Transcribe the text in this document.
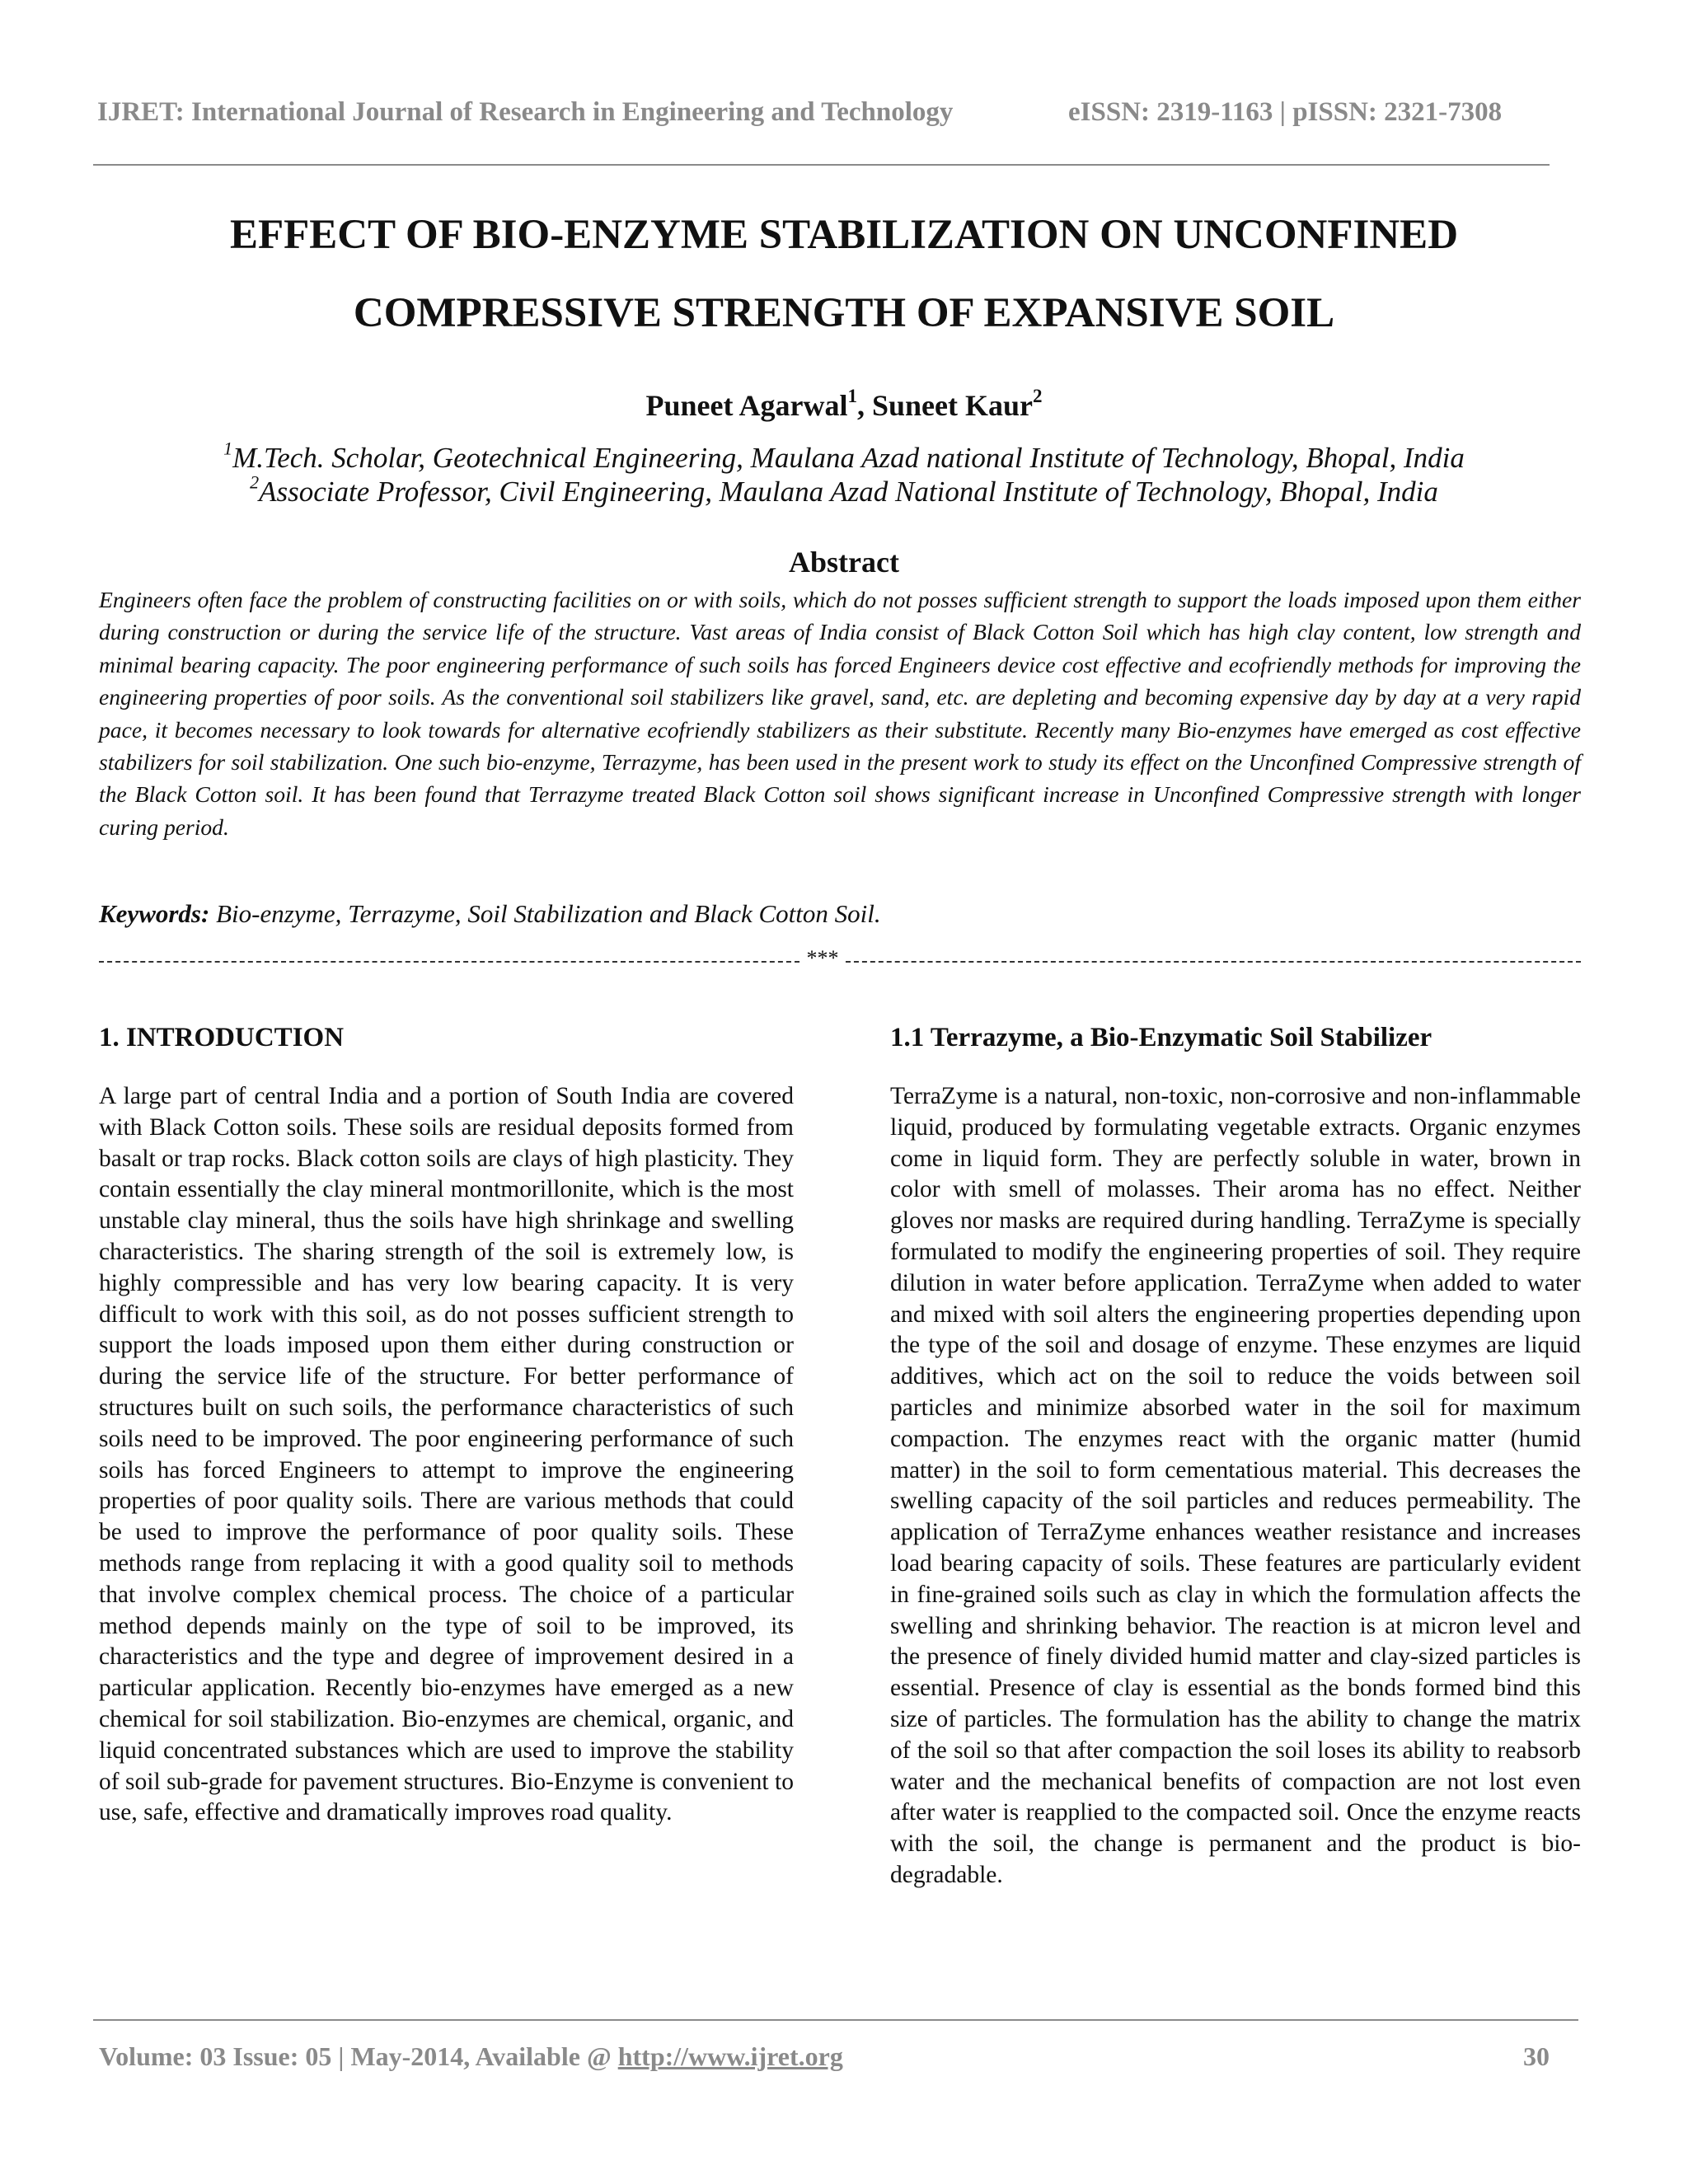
IJRET: International Journal of Research in Engineering and Technology	eISSN: 2319-1163 | pISSN: 2321-7308
EFFECT OF BIO-ENZYME STABILIZATION ON UNCONFINED
COMPRESSIVE STRENGTH OF EXPANSIVE SOIL
Puneet Agarwal$^1$, Suneet Kaur$^2$
$^1$M.Tech. Scholar, Geotechnical Engineering, Maulana Azad national Institute of Technology, Bhopal, India
$^2$Associate Professor, Civil Engineering, Maulana Azad National Institute of Technology, Bhopal, India
Abstract

Engineers often face the problem of constructing facilities on or with soils, which do not posses sufficient strength to support the loads imposed upon them either during construction or during the service life of the structure. Vast areas of India consist of Black Cotton Soil which has high clay content, low strength and minimal bearing capacity. The poor engineering performance of such soils has forced Engineers device cost effective and ecofriendly methods for improving the engineering properties of poor soils. As the conventional soil stabilizers like gravel, sand, etc. are depleting and becoming expensive day by day at a very rapid pace, it becomes necessary to look towards for alternative ecofriendly stabilizers as their substitute. Recently many Bio-enzymes have emerged as cost effective stabilizers for soil stabilization. One such bio-enzyme, Terrazyme, has been used in the present work to study its effect on the Unconfined Compressive strength of the Black Cotton soil. It has been found that Terrazyme treated Black Cotton soil shows significant increase in Unconfined Compressive strength with longer curing period.

Keywords: Bio-enzyme, Terrazyme, Soil Stabilization and Black Cotton Soil.

***
1. INTRODUCTION

A large part of central India and a portion of South India are covered with Black Cotton soils. These soils are residual deposits formed from basalt or trap rocks. Black cotton soils are clays of high plasticity. They contain essentially the clay mineral montmorillonite, which is the most unstable clay mineral, thus the soils have high shrinkage and swelling characteristics. The sharing strength of the soil is extremely low, is highly compressible and has very low bearing capacity. It is very difficult to work with this soil, as do not posses sufficient strength to support the loads imposed upon them either during construction or during the service life of the structure. For better performance of structures built on such soils, the performance characteristics of such soils need to be improved. The poor engineering performance of such soils has forced Engineers to attempt to improve the engineering properties of poor quality soils. There are various methods that could be used to improve the performance of poor quality soils. These methods range from replacing it with a good quality soil to methods that involve complex chemical process. The choice of a particular method depends mainly on the type of soil to be improved, its characteristics and the type and degree of improvement desired in a particular application. Recently bio-enzymes have emerged as a new chemical for soil stabilization. Bio-enzymes are chemical, organic, and liquid concentrated substances which are used to improve the stability of soil sub-grade for pavement structures. Bio-Enzyme is convenient to use, safe, effective and dramatically improves road quality.

1.1 Terrazyme, a Bio-Enzymatic Soil Stabilizer

TerraZyme is a natural, non-toxic, non-corrosive and non-inflammable liquid, produced by formulating vegetable extracts. Organic enzymes come in liquid form. They are perfectly soluble in water, brown in color with smell of molasses. Their aroma has no effect. Neither gloves nor masks are required during handling. TerraZyme is specially formulated to modify the engineering properties of soil. They require dilution in water before application. TerraZyme when added to water and mixed with soil alters the engineering properties depending upon the type of the soil and dosage of enzyme. These enzymes are liquid additives, which act on the soil to reduce the voids between soil particles and minimize absorbed water in the soil for maximum compaction. The enzymes react with the organic matter (humid matter) in the soil to form cementatious material. This decreases the swelling capacity of the soil particles and reduces permeability. The application of TerraZyme enhances weather resistance and increases load bearing capacity of soils. These features are particularly evident in fine-grained soils such as clay in which the formulation affects the swelling and shrinking behavior. The reaction is at micron level and the presence of finely divided humid matter and clay-sized particles is essential. Presence of clay is essential as the bonds formed bind this size of particles. The formulation has the ability to change the matrix of the soil so that after compaction the soil loses its ability to reabsorb water and the mechanical benefits of compaction are not lost even after water is reapplied to the compacted soil. Once the enzyme reacts with the soil, the change is permanent and the product is bio-degradable.

Volume: 03 Issue: 05 | May-2014, Available @ http://www.ijret.org	30
